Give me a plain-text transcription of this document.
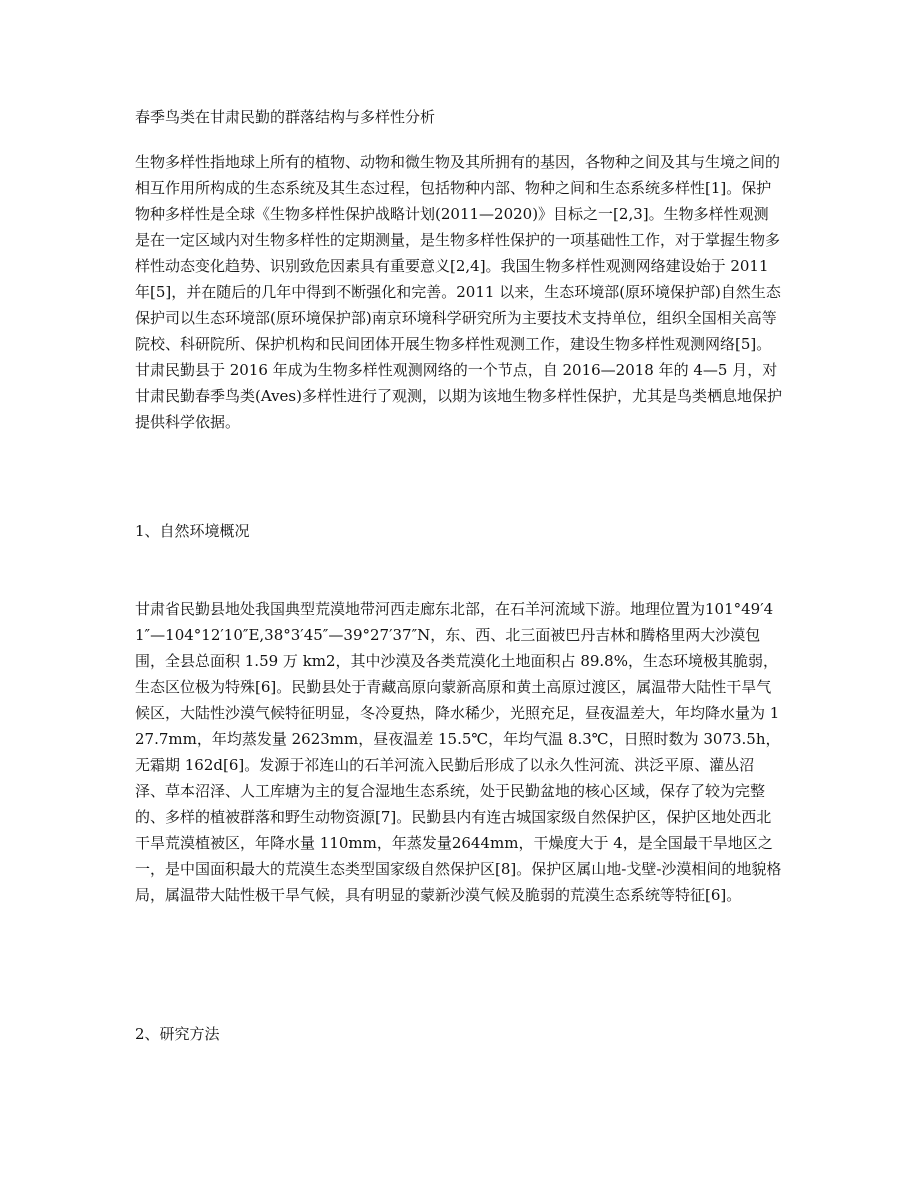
春季鸟类在甘肃民勤的群落结构与多样性分析

生物多样性指地球上所有的植物、动物和微生物及其所拥有的基因，各物种之间及其与生境之间的相互作用所构成的生态系统及其生态过程，包括物种内部、物种之间和生态系统多样性[1]。保护物种多样性是全球《生物多样性保护战略计划(2011—2020)》目标之一[2,3]。生物多样性观测是在一定区域内对生物多样性的定期测量，是生物多样性保护的一项基础性工作，对于掌握生物多样性动态变化趋势、识别致危因素具有重要意义[2,4]。我国生物多样性观测网络建设始于 2011 年[5]，并在随后的几年中得到不断强化和完善。2011 以来，生态环境部(原环境保护部)自然生态保护司以生态环境部(原环境保护部)南京环境科学研究所为主要技术支持单位，组织全国相关高等院校、科研院所、保护机构和民间团体开展生物多样性观测工作，建设生物多样性观测网络[5]。甘肃民勤县于 2016 年成为生物多样性观测网络的一个节点，自 2016—2018 年的 4—5 月，对甘肃民勤春季鸟类(Aves)多样性进行了观测，以期为该地生物多样性保护，尤其是鸟类栖息地保护提供科学依据。

1、自然环境概况

甘肃省民勤县地处我国典型荒漠地带河西走廊东北部，在石羊河流域下游。地理位置为101°49′41″—104°12′10″E,38°3′45″—39°27′37″N，东、西、北三面被巴丹吉林和腾格里两大沙漠包围，全县总面积 1.59 万 km2，其中沙漠及各类荒漠化土地面积占 89.8%，生态环境极其脆弱，生态区位极为特殊[6]。民勤县处于青藏高原向蒙新高原和黄土高原过渡区，属温带大陆性干旱气候区，大陆性沙漠气候特征明显，冬冷夏热，降水稀少，光照充足，昼夜温差大，年均降水量为 127.7mm，年均蒸发量 2623mm，昼夜温差 15.5℃，年均气温 8.3℃，日照时数为 3073.5h，无霜期 162d[6]。发源于祁连山的石羊河流入民勤后形成了以永久性河流、洪泛平原、灌丛沼泽、草本沼泽、人工库塘为主的复合湿地生态系统，处于民勤盆地的核心区域，保存了较为完整的、多样的植被群落和野生动物资源[7]。民勤县内有连古城国家级自然保护区，保护区地处西北干旱荒漠植被区，年降水量 110mm，年蒸发量2644mm，干燥度大于 4，是全国最干旱地区之一，是中国面积最大的荒漠生态类型国家级自然保护区[8]。保护区属山地-戈壁-沙漠相间的地貌格局，属温带大陆性极干旱气候，具有明显的蒙新沙漠气候及脆弱的荒漠生态系统等特征[6]。

2、研究方法
